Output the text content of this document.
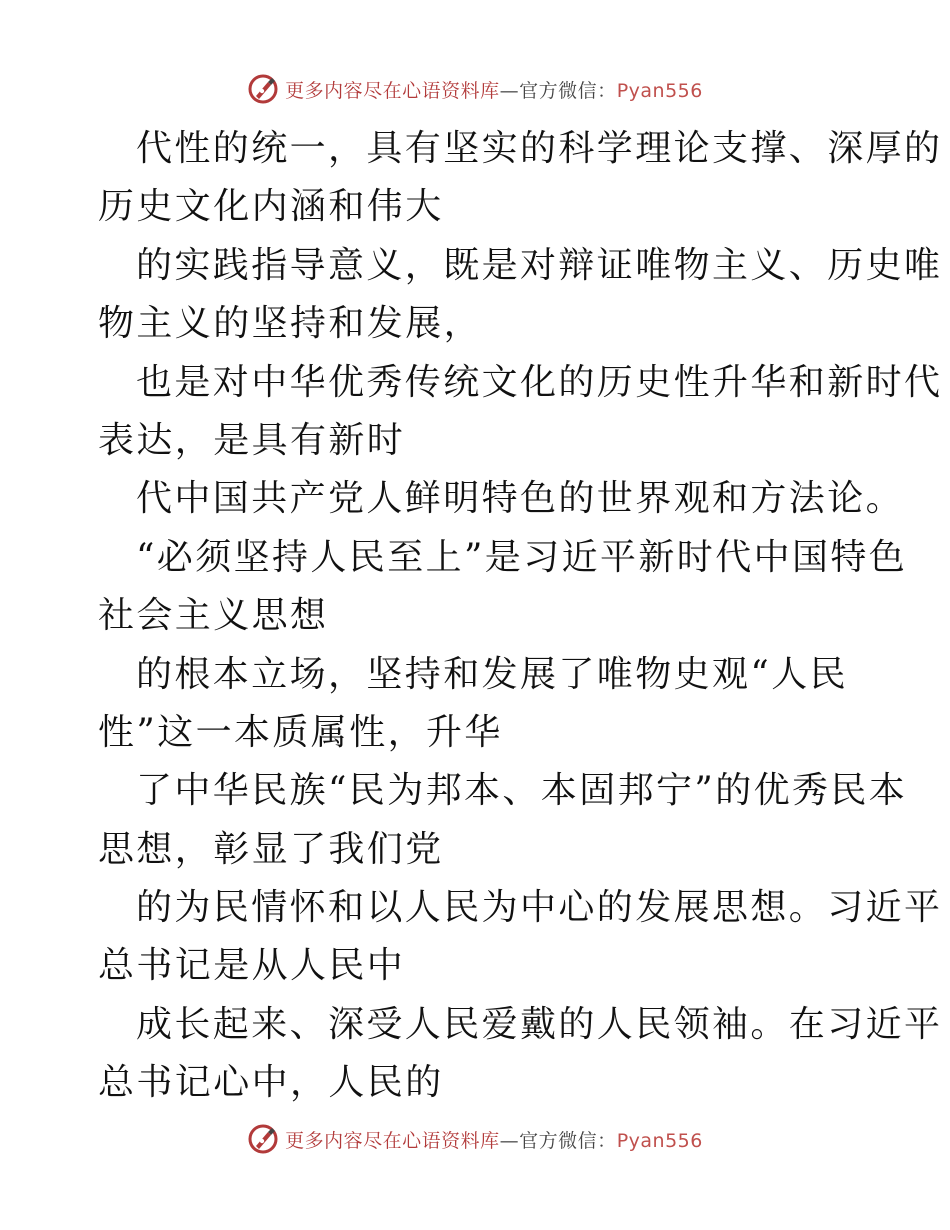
更多内容尽在心语资料库—官方微信：Pyan556
代性的统一，具有坚实的科学理论支撑、深厚的
历史文化内涵和伟大
的实践指导意义，既是对辩证唯物主义、历史唯
物主义的坚持和发展，
也是对中华优秀传统文化的历史性升华和新时代
表达，是具有新时
代中国共产党人鲜明特色的世界观和方法论。
“必须坚持人民至上”是习近平新时代中国特色
社会主义思想
的根本立场，坚持和发展了唯物史观“人民
性”这一本质属性，升华
了中华民族“民为邦本、本固邦宁”的优秀民本
思想，彰显了我们党
的为民情怀和以人民为中心的发展思想。习近平
总书记是从人民中
成长起来、深受人民爱戴的人民领袖。在习近平
总书记心中，人民的
更多内容尽在心语资料库—官方微信：Pyan556
